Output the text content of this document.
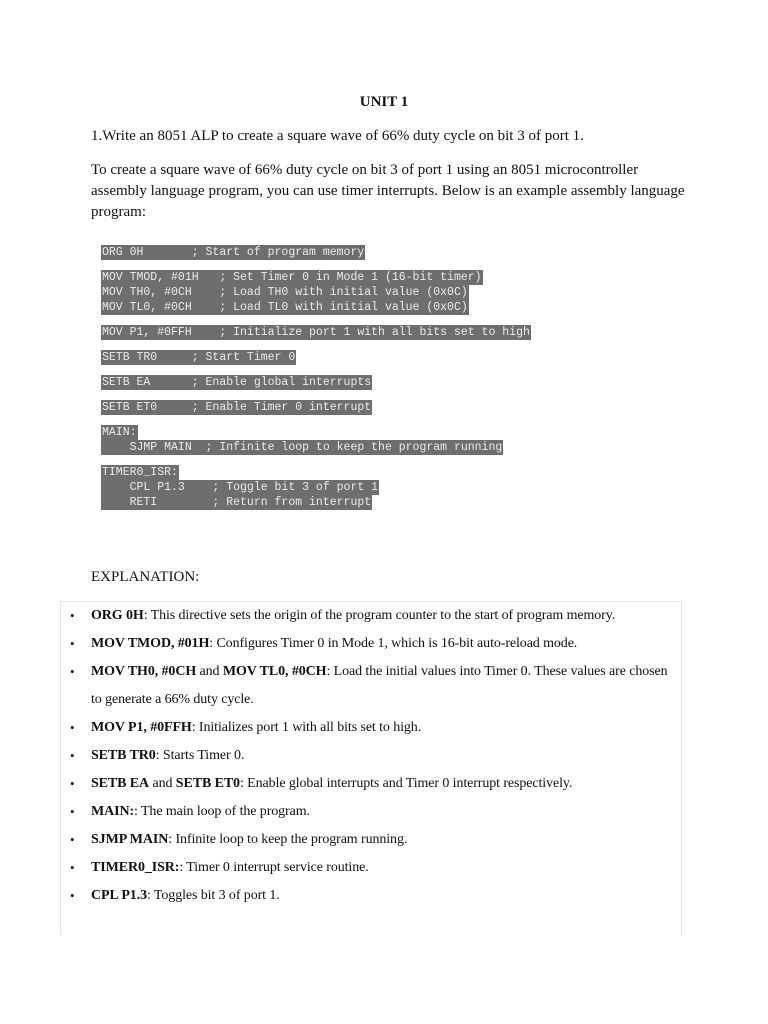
UNIT 1
1.Write an 8051 ALP to create a square wave of 66% duty cycle on bit 3 of port 1.
To create a square wave of 66% duty cycle on bit 3 of port 1 using an 8051 microcontroller assembly language program, you can use timer interrupts. Below is an example assembly language program:
ORG 0H       ; Start of program memory
MOV TMOD, #01H   ; Set Timer 0 in Mode 1 (16-bit timer)
MOV TH0, #0CH    ; Load TH0 with initial value (0x0C)
MOV TL0, #0CH    ; Load TL0 with initial value (0x0C)
MOV P1, #0FFH    ; Initialize port 1 with all bits set to high
SETB TR0     ; Start Timer 0
SETB EA      ; Enable global interrupts
SETB ET0     ; Enable Timer 0 interrupt
MAIN:
SJMP MAIN  ; Infinite loop to keep the program running
TIMER0_ISR:
CPL P1.3    ; Toggle bit 3 of port 1
RETI        ; Return from interrupt
EXPLANATION:
• ORG 0H: This directive sets the origin of the program counter to the start of program memory.
• MOV TMOD, #01H: Configures Timer 0 in Mode 1, which is 16-bit auto-reload mode.
• MOV TH0, #0CH and MOV TL0, #0CH: Load the initial values into Timer 0. These values are chosen to generate a 66% duty cycle.
• MOV P1, #0FFH: Initializes port 1 with all bits set to high.
• SETB TR0: Starts Timer 0.
• SETB EA and SETB ET0: Enable global interrupts and Timer 0 interrupt respectively.
• MAIN:: The main loop of the program.
• SJMP MAIN: Infinite loop to keep the program running.
• TIMER0_ISR:: Timer 0 interrupt service routine.
• CPL P1.3: Toggles bit 3 of port 1.
